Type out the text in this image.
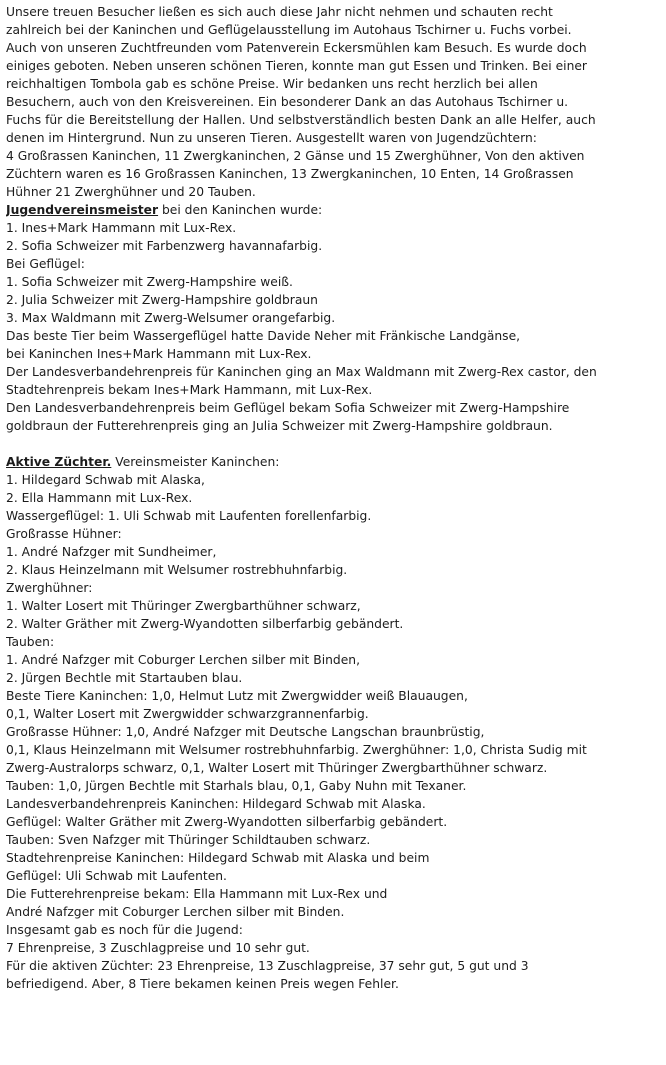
Unsere treuen Besucher ließen es sich auch diese Jahr nicht nehmen und schauten recht
zahlreich bei der Kaninchen und Geflügelausstellung im Autohaus Tschirner u. Fuchs vorbei.
Auch von unseren Zuchtfreunden vom Patenverein Eckersmühlen kam Besuch. Es wurde doch
einiges geboten. Neben unseren schönen Tieren, konnte man gut Essen und Trinken. Bei einer
reichhaltigen Tombola gab es schöne Preise. Wir bedanken uns recht herzlich bei allen
Besuchern, auch von den Kreisvereinen. Ein besonderer Dank an das Autohaus Tschirner u.
Fuchs für die Bereitstellung der Hallen. Und selbstverständlich besten Dank an alle Helfer, auch
denen im Hintergrund. Nun zu unseren Tieren. Ausgestellt waren von Jugendzüchtern:
4 Großrassen Kaninchen, 11 Zwergkaninchen, 2 Gänse und 15 Zwerghühner, Von den aktiven
Züchtern waren es 16 Großrassen Kaninchen, 13 Zwergkaninchen, 10 Enten, 14 Großrassen
Hühner 21 Zwerghühner und 20 Tauben.
Jugendvereinsmeister bei den Kaninchen wurde:
1. Ines+Mark Hammann mit Lux-Rex.
2. Sofia Schweizer mit Farbenzwerg havannafarbig.
Bei Geflügel:
1. Sofia Schweizer mit Zwerg-Hampshire weiß.
2. Julia Schweizer mit Zwerg-Hampshire goldbraun
3. Max Waldmann mit Zwerg-Welsumer orangefarbig.
Das beste Tier beim Wassergeflügel hatte Davide Neher mit Fränkische Landgänse,
bei Kaninchen Ines+Mark Hammann mit Lux-Rex.
Der Landesverbandehrenpreis für Kaninchen ging an Max Waldmann mit Zwerg-Rex castor, den
Stadtehrenpreis bekam Ines+Mark Hammann, mit Lux-Rex.
Den Landesverbandehrenpreis beim Geflügel bekam Sofia Schweizer mit Zwerg-Hampshire
goldbraun der Futterehrenpreis ging an Julia Schweizer mit Zwerg-Hampshire goldbraun.
Aktive Züchter. Vereinsmeister Kaninchen:
1. Hildegard Schwab mit Alaska,
2. Ella Hammann mit Lux-Rex.
Wassergeflügel: 1. Uli Schwab mit Laufenten forellenfarbig.
Großrasse Hühner:
1. André Nafzger mit Sundheimer,
2. Klaus Heinzelmann mit Welsumer rostrebhuhnfarbig.
Zwerghühner:
1. Walter Losert mit Thüringer Zwergbarthühner schwarz,
2. Walter Gräther mit Zwerg-Wyandotten silberfarbig gebändert.
Tauben:
1. André Nafzger mit Coburger Lerchen silber mit Binden,
2. Jürgen Bechtle mit Startauben blau.
Beste Tiere Kaninchen: 1,0, Helmut Lutz mit Zwergwidder weiß Blauaugen,
0,1, Walter Losert mit Zwergwidder schwarzgrannenfarbig.
Großrasse Hühner: 1,0, André Nafzger mit Deutsche Langschan braunbrüstig,
0,1, Klaus Heinzelmann mit Welsumer rostrebhuhnfarbig. Zwerghühner: 1,0, Christa Sudig mit
Zwerg-Australorps schwarz, 0,1, Walter Losert mit Thüringer Zwergbarthühner schwarz.
Tauben: 1,0, Jürgen Bechtle mit Starhals blau, 0,1, Gaby Nuhn mit Texaner.
Landesverbandehrenpreis Kaninchen: Hildegard Schwab mit Alaska.
Geflügel: Walter Gräther mit Zwerg-Wyandotten silberfarbig gebändert.
Tauben: Sven Nafzger mit Thüringer Schildtauben schwarz.
Stadtehrenpreise Kaninchen: Hildegard Schwab mit Alaska und beim
Geflügel: Uli Schwab mit Laufenten.
Die Futterehrenpreise bekam: Ella Hammann mit Lux-Rex und
André Nafzger mit Coburger Lerchen silber mit Binden.
Insgesamt gab es noch für die Jugend:
7 Ehrenpreise, 3 Zuschlagpreise und 10 sehr gut.
Für die aktiven Züchter: 23 Ehrenpreise, 13 Zuschlagpreise, 37 sehr gut, 5 gut und 3
befriedigend. Aber, 8 Tiere bekamen keinen Preis wegen Fehler.
